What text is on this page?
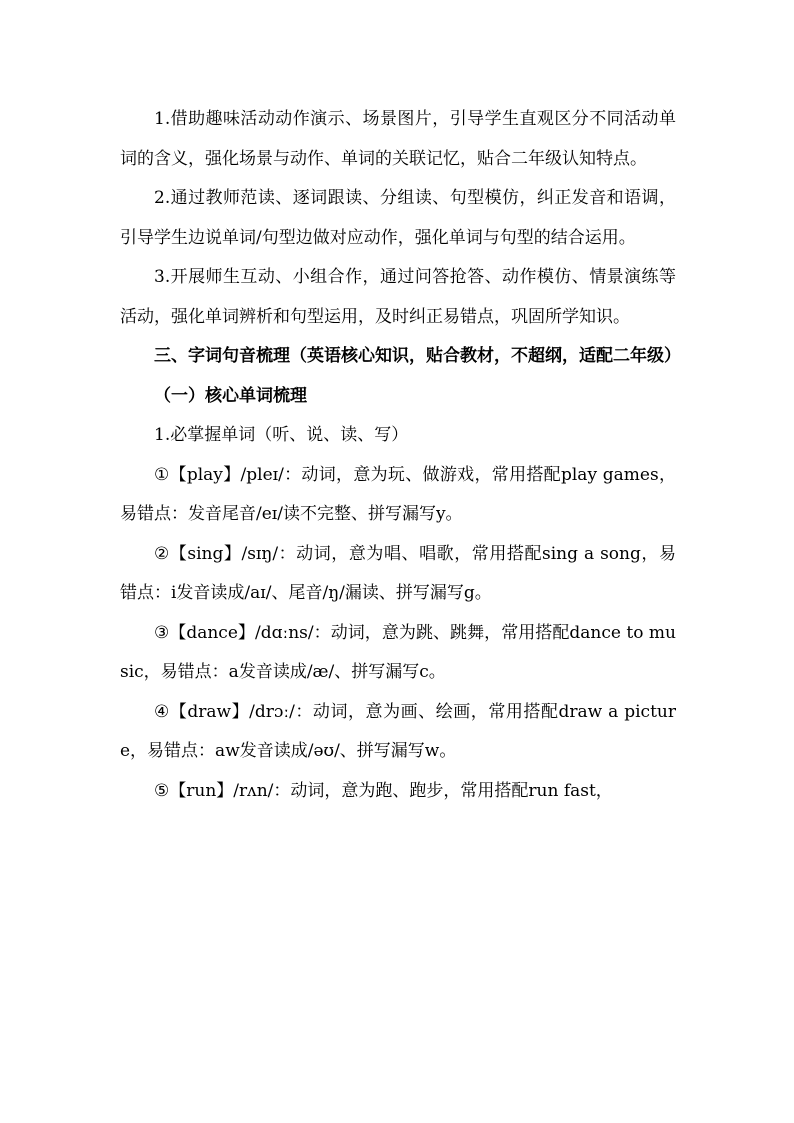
1.借助趣味活动动作演示、场景图片，引导学生直观区分不同活动单词的含义，强化场景与动作、单词的关联记忆，贴合二年级认知特点。

2.通过教师范读、逐词跟读、分组读、句型模仿，纠正发音和语调，引导学生边说单词/句型边做对应动作，强化单词与句型的结合运用。

3.开展师生互动、小组合作，通过问答抢答、动作模仿、情景演练等活动，强化单词辨析和句型运用，及时纠正易错点，巩固所学知识。

三、字词句音梳理（英语核心知识，贴合教材，不超纲，适配二年级）

（一）核心单词梳理

1.必掌握单词（听、说、读、写）

①【play】/pleɪ/：动词，意为玩、做游戏，常用搭配play games，易错点：发音尾音/eɪ/读不完整、拼写漏写y。

②【sing】/sɪŋ/：动词，意为唱、唱歌，常用搭配sing a song，易错点：i发音读成/aɪ/、尾音/ŋ/漏读、拼写漏写g。

③【dance】/dɑːns/：动词，意为跳、跳舞，常用搭配dance to music，易错点：a发音读成/æ/、拼写漏写c。

④【draw】/drɔː/：动词，意为画、绘画，常用搭配draw a picture，易错点：aw发音读成/əʊ/、拼写漏写w。

⑤【run】/rʌn/：动词，意为跑、跑步，常用搭配run fast，
